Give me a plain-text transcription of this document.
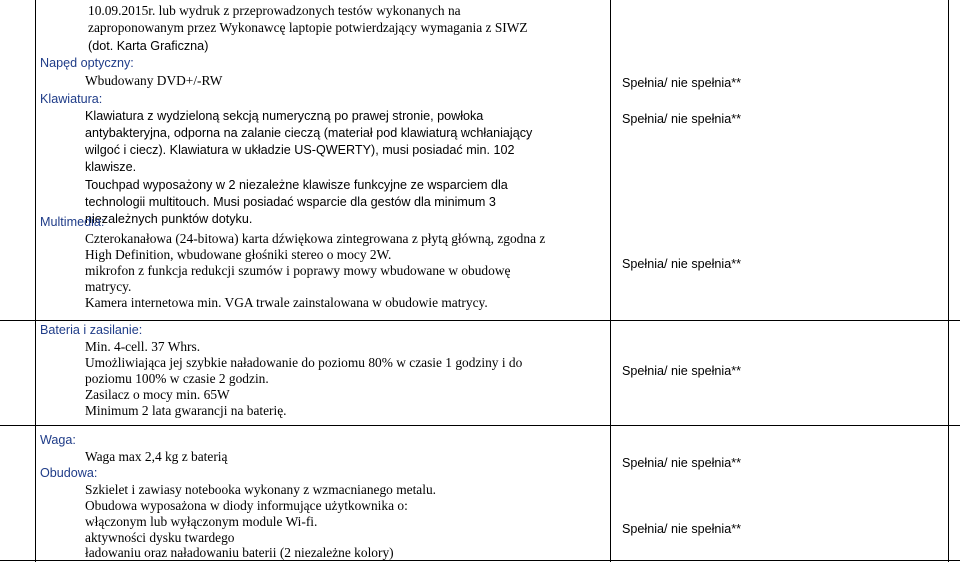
10.09.2015r. lub wydruk z przeprowadzonych testów wykonanych na
zaproponowanym przez Wykonawcę laptopie potwierdzający wymagania z SIWZ
(dot. Karta Graficzna)
Napęd optyczny:
Wbudowany DVD+/-RW
Klawiatura:
Klawiatura z wydzieloną sekcją numeryczną po prawej stronie, powłoka
antybakteryjna, odporna na zalanie cieczą (materiał pod klawiaturą wchłaniający
wilgoć i ciecz). Klawiatura w układzie US-QWERTY), musi posiadać min. 102
klawisze.
Touchpad wyposażony w 2 niezależne klawisze funkcyjne ze wsparciem dla
technologii multitouch. Musi posiadać wsparcie dla gestów dla minimum 3
niezależnych punktów dotyku.
Multimedia:
Czterokanałowa (24-bitowa) karta dźwiękowa zintegrowana z płytą główną, zgodna z
High Definition, wbudowane głośniki stereo o mocy 2W.
mikrofon z funkcja redukcji szumów i poprawy mowy wbudowane w obudowę
matrycy.
Kamera internetowa min. VGA trwale zainstalowana w obudowie matrycy.
Bateria i zasilanie:
Min. 4-cell. 37 Whrs.
Umożliwiająca jej szybkie naładowanie do poziomu 80% w czasie 1 godziny i do
poziomu 100% w czasie 2 godzin.
Zasilacz o mocy min. 65W
Minimum 2 lata gwarancji na baterię.
Waga:
Waga max 2,4 kg z baterią
Obudowa:
Szkielet i zawiasy notebooka wykonany z wzmacnianego metalu.
Obudowa wyposażona w diody informujące użytkownika o:
włączonym lub wyłączonym module Wi-fi.
aktywności dysku twardego
ładowaniu oraz naładowaniu baterii (2 niezależne kolory)
Spełnia/ nie spełnia**
Spełnia/ nie spełnia**
Spełnia/ nie spełnia**
Spełnia/ nie spełnia**
Spełnia/ nie spełnia**
Spełnia/ nie spełnia**
